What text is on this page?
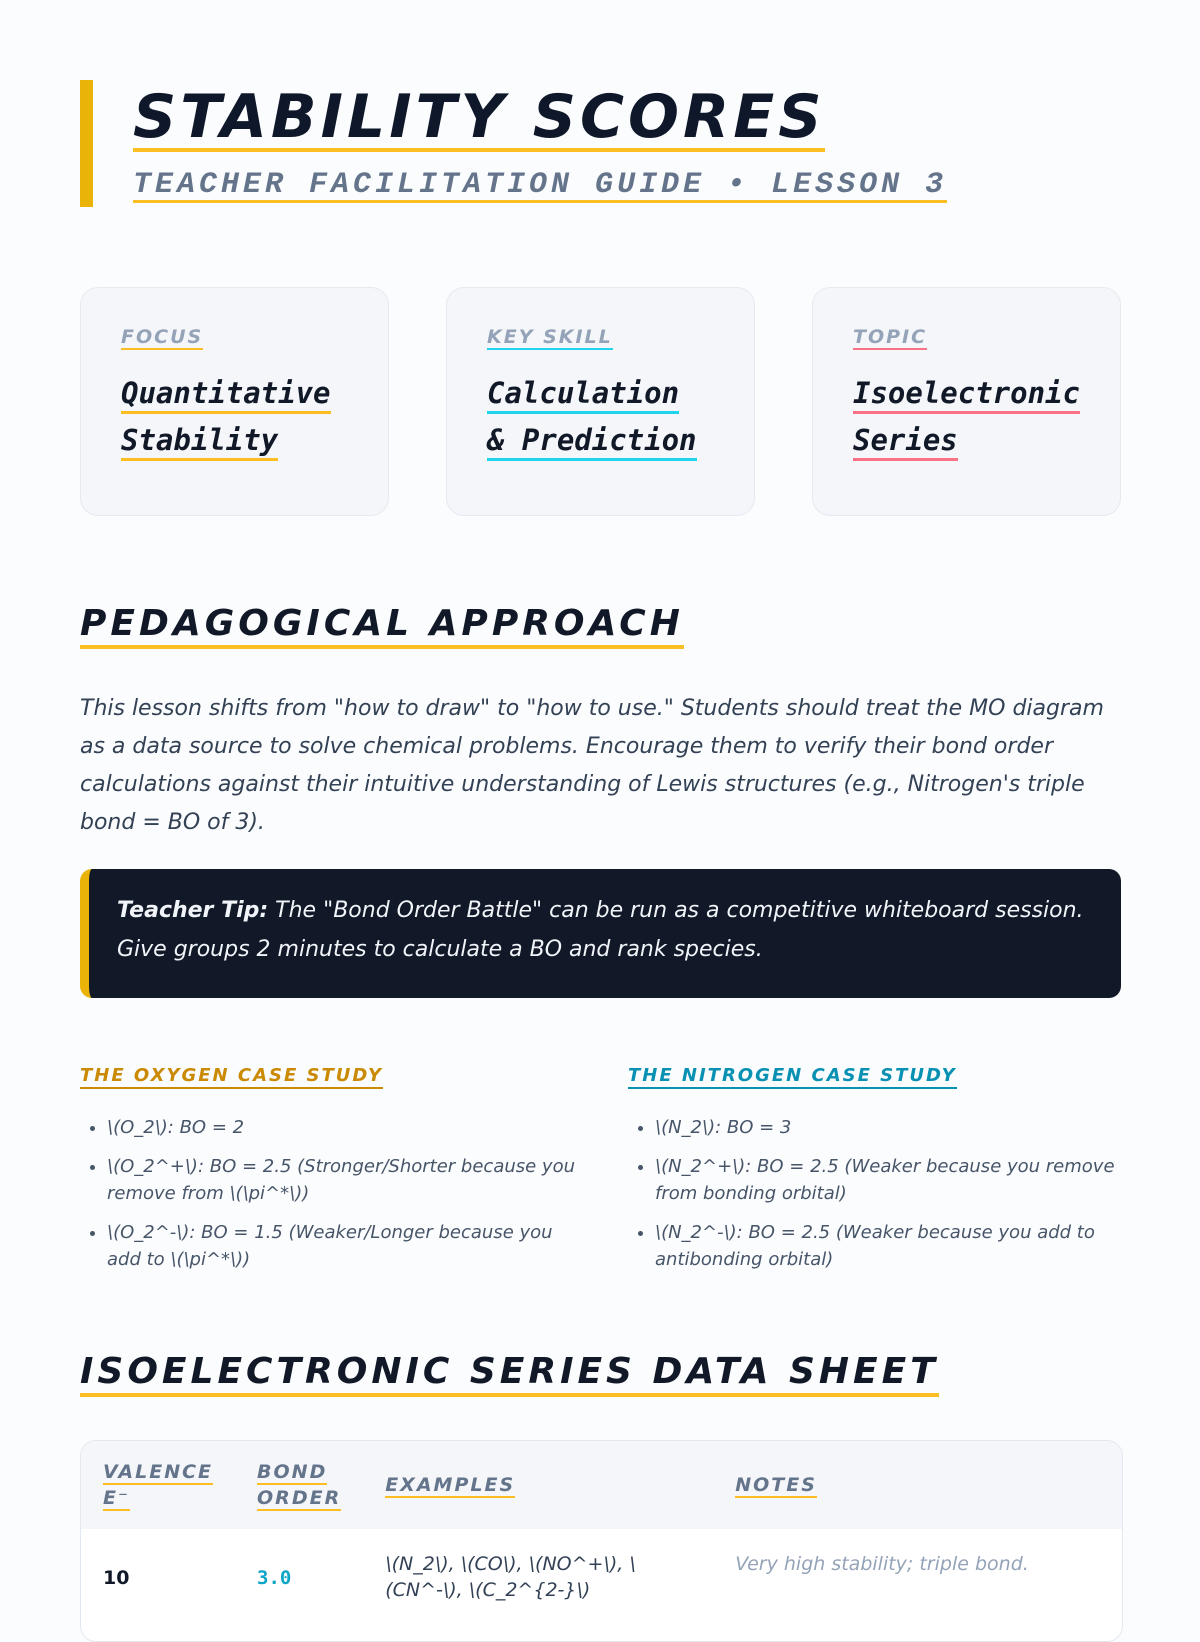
STABILITY SCORES
TEACHER FACILITATION GUIDE • LESSON 3
FOCUS
Quantitative
Stability
KEY SKILL
Calculation
& Prediction
TOPIC
Isoelectronic
Series
PEDAGOGICAL APPROACH

This lesson shifts from "how to draw" to "how to use." Students should treat the MO diagram as a data source to solve chemical problems. Encourage them to verify their bond order calculations against their intuitive understanding of Lewis structures (e.g., Nitrogen's triple bond = BO of 3).

Teacher Tip: The "Bond Order Battle" can be run as a competitive whiteboard session. Give groups 2 minutes to calculate a BO and rank species.
THE OXYGEN CASE STUDY
• \(O_2\): BO = 2
• \(O_2^+\): BO = 2.5 (Stronger/Shorter because you remove from \(\pi^*\))
• \(O_2^-\): BO = 1.5 (Weaker/Longer because you add to \(\pi^*\))
THE NITROGEN CASE STUDY
• \(N_2\): BO = 3
• \(N_2^+\): BO = 2.5 (Weaker because you remove from bonding orbital)
• \(N_2^-\): BO = 2.5 (Weaker because you add to antibonding orbital)
ISOELECTRONIC SERIES DATA SHEET
VALENCE E⁻	BOND ORDER	EXAMPLES	NOTES
10	3.0	\(N_2\), \(CO\), \(NO^+\), \(CN^-\), \(C_2^{2-}\)	Very high stability; triple bond.
